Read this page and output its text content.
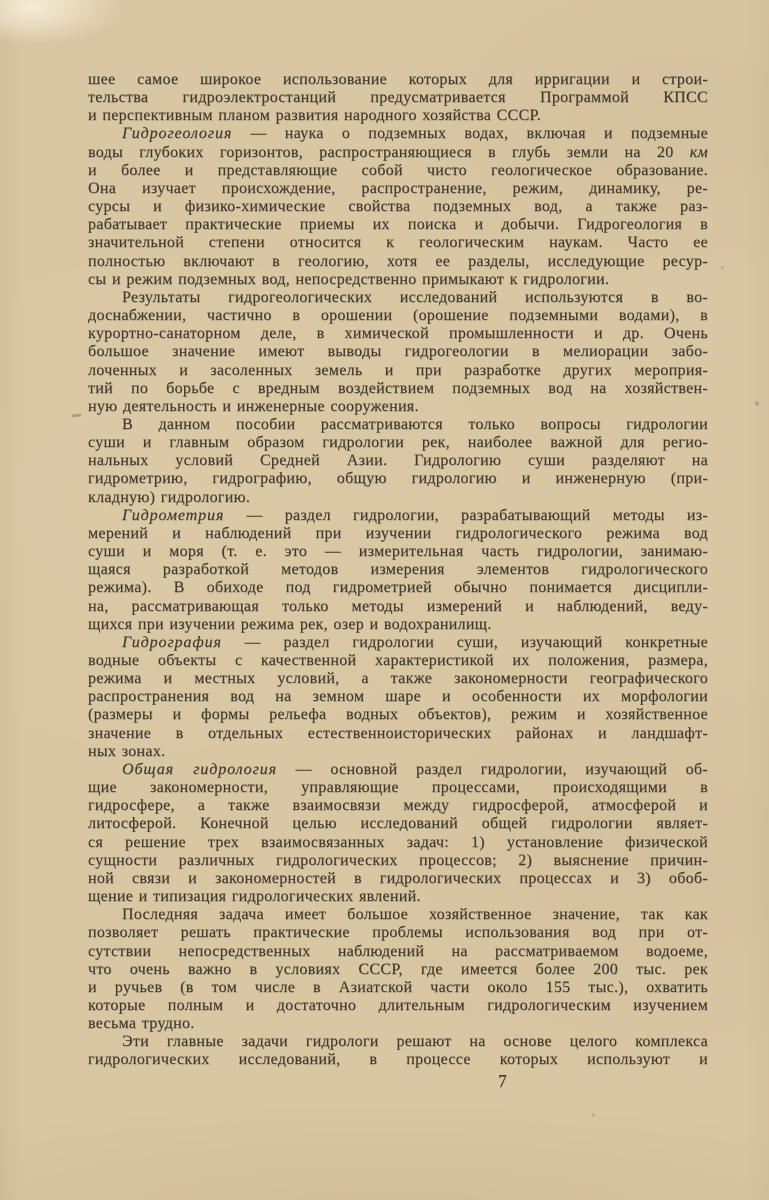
шее самое широкое использование которых для ирригации и строи-
тельства гидроэлектростанций предусматривается Программой КПСС
и перспективным планом развития народного хозяйства СССР.
Гидрогеология — наука о подземных водах, включая и подземные
воды глубоких горизонтов, распространяющиеся в глубь земли на 20 км
и более и представляющие собой чисто геологическое образование.
Она изучает происхождение, распространение, режим, динамику, ре-
сурсы и физико-химические свойства подземных вод, а также раз-
рабатывает практические приемы их поиска и добычи. Гидрогеология в
значительной степени относится к геологическим наукам. Часто ее
полностью включают в геологию, хотя ее разделы, исследующие ресур-
сы и режим подземных вод, непосредственно примыкают к гидрологии.
Результаты гидрогеологических исследований используются в во-
доснабжении, частично в орошении (орошение подземными водами), в
курортно-санаторном деле, в химической промышленности и др. Очень
большое значение имеют выводы гидрогеологии в мелиорации забо-
лоченных и засоленных земель и при разработке других мероприя-
тий по борьбе с вредным воздействием подземных вод на хозяйствен-
ную деятельность и инженерные сооружения.
В данном пособии рассматриваются только вопросы гидрологии
суши и главным образом гидрологии рек, наиболее важной для регио-
нальных условий Средней Азии. Гидрологию суши разделяют на
гидрометрию, гидрографию, общую гидрологию и инженерную (при-
кладную) гидрологию.
Гидрометрия — раздел гидрологии, разрабатывающий методы из-
мерений и наблюдений при изучении гидрологического режима вод
суши и моря (т. е. это — измерительная часть гидрологии, занимаю-
щаяся разработкой методов измерения элементов гидрологического
режима). В обиходе под гидрометрией обычно понимается дисципли-
на, рассматривающая только методы измерений и наблюдений, веду-
щихся при изучении режима рек, озер и водохранилищ.
Гидрография — раздел гидрологии суши, изучающий конкретные
водные объекты с качественной характеристикой их положения, размера,
режима и местных условий, а также закономерности географического
распространения вод на земном шаре и особенности их морфологии
(размеры и формы рельефа водных объектов), режим и хозяйственное
значение в отдельных естественноисторических районах и ландшафт-
ных зонах.
Общая гидрология — основной раздел гидрологии, изучающий об-
щие закономерности, управляющие процессами, происходящими в
гидросфере, а также взаимосвязи между гидросферой, атмосферой и
литосферой. Конечной целью исследований общей гидрологии являет-
ся решение трех взаимосвязанных задач: 1) установление физической
сущности различных гидрологических процессов; 2) выяснение причин-
ной связи и закономерностей в гидрологических процессах и 3) обоб-
щение и типизация гидрологических явлений.
Последняя задача имеет большое хозяйственное значение, так как
позволяет решать практические проблемы использования вод при от-
сутствии непосредственных наблюдений на рассматриваемом водоеме,
что очень важно в условиях СССР, где имеется более 200 тыс. рек
и ручьев (в том числе в Азиатской части около 155 тыс.), охватить
которые полным и достаточно длительным гидрологическим изучением
весьма трудно.
Эти главные задачи гидрологи решают на основе целого комплекса
гидрологических исследований, в процессе которых используют и
7
